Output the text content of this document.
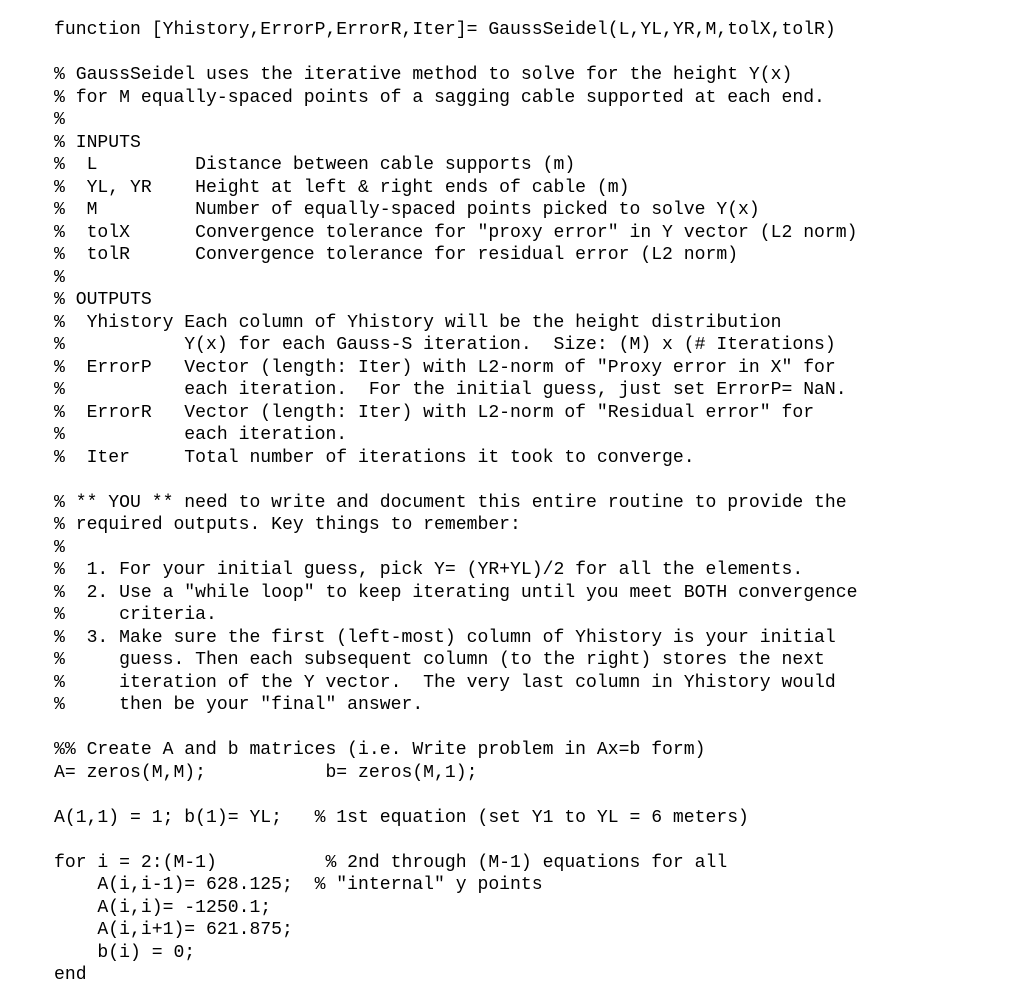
function [Yhistory,ErrorP,ErrorR,Iter]= GaussSeidel(L,YL,YR,M,tolX,tolR)
% GaussSeidel uses the iterative method to solve for the height Y(x)
% for M equally-spaced points of a sagging cable supported at each end.
%
% INPUTS
%  L         Distance between cable supports (m)
%  YL, YR    Height at left & right ends of cable (m)
%  M         Number of equally-spaced points picked to solve Y(x)
%  tolX      Convergence tolerance for "proxy error" in Y vector (L2 norm)
%  tolR      Convergence tolerance for residual error (L2 norm)
%
% OUTPUTS
%  Yhistory Each column of Yhistory will be the height distribution
%           Y(x) for each Gauss-S iteration.  Size: (M) x (# Iterations)
%  ErrorP   Vector (length: Iter) with L2-norm of "Proxy error in X" for
%           each iteration.  For the initial guess, just set ErrorP= NaN.
%  ErrorR   Vector (length: Iter) with L2-norm of "Residual error" for
%           each iteration.
%  Iter     Total number of iterations it took to converge.
% ** YOU ** need to write and document this entire routine to provide the
% required outputs. Key things to remember:
%
%  1. For your initial guess, pick Y= (YR+YL)/2 for all the elements.
%  2. Use a "while loop" to keep iterating until you meet BOTH convergence
%     criteria.
%  3. Make sure the first (left-most) column of Yhistory is your initial
%     guess. Then each subsequent column (to the right) stores the next
%     iteration of the Y vector.  The very last column in Yhistory would
%     then be your "final" answer.
%% Create A and b matrices (i.e. Write problem in Ax=b form)
A= zeros(M,M);           b= zeros(M,1);
A(1,1) = 1; b(1)= YL;   % 1st equation (set Y1 to YL = 6 meters)
for i = 2:(M-1)          % 2nd through (M-1) equations for all
A(i,i-1)= 628.125;  % "internal" y points
A(i,i)= -1250.1;
A(i,i+1)= 621.875;
b(i) = 0;
end
